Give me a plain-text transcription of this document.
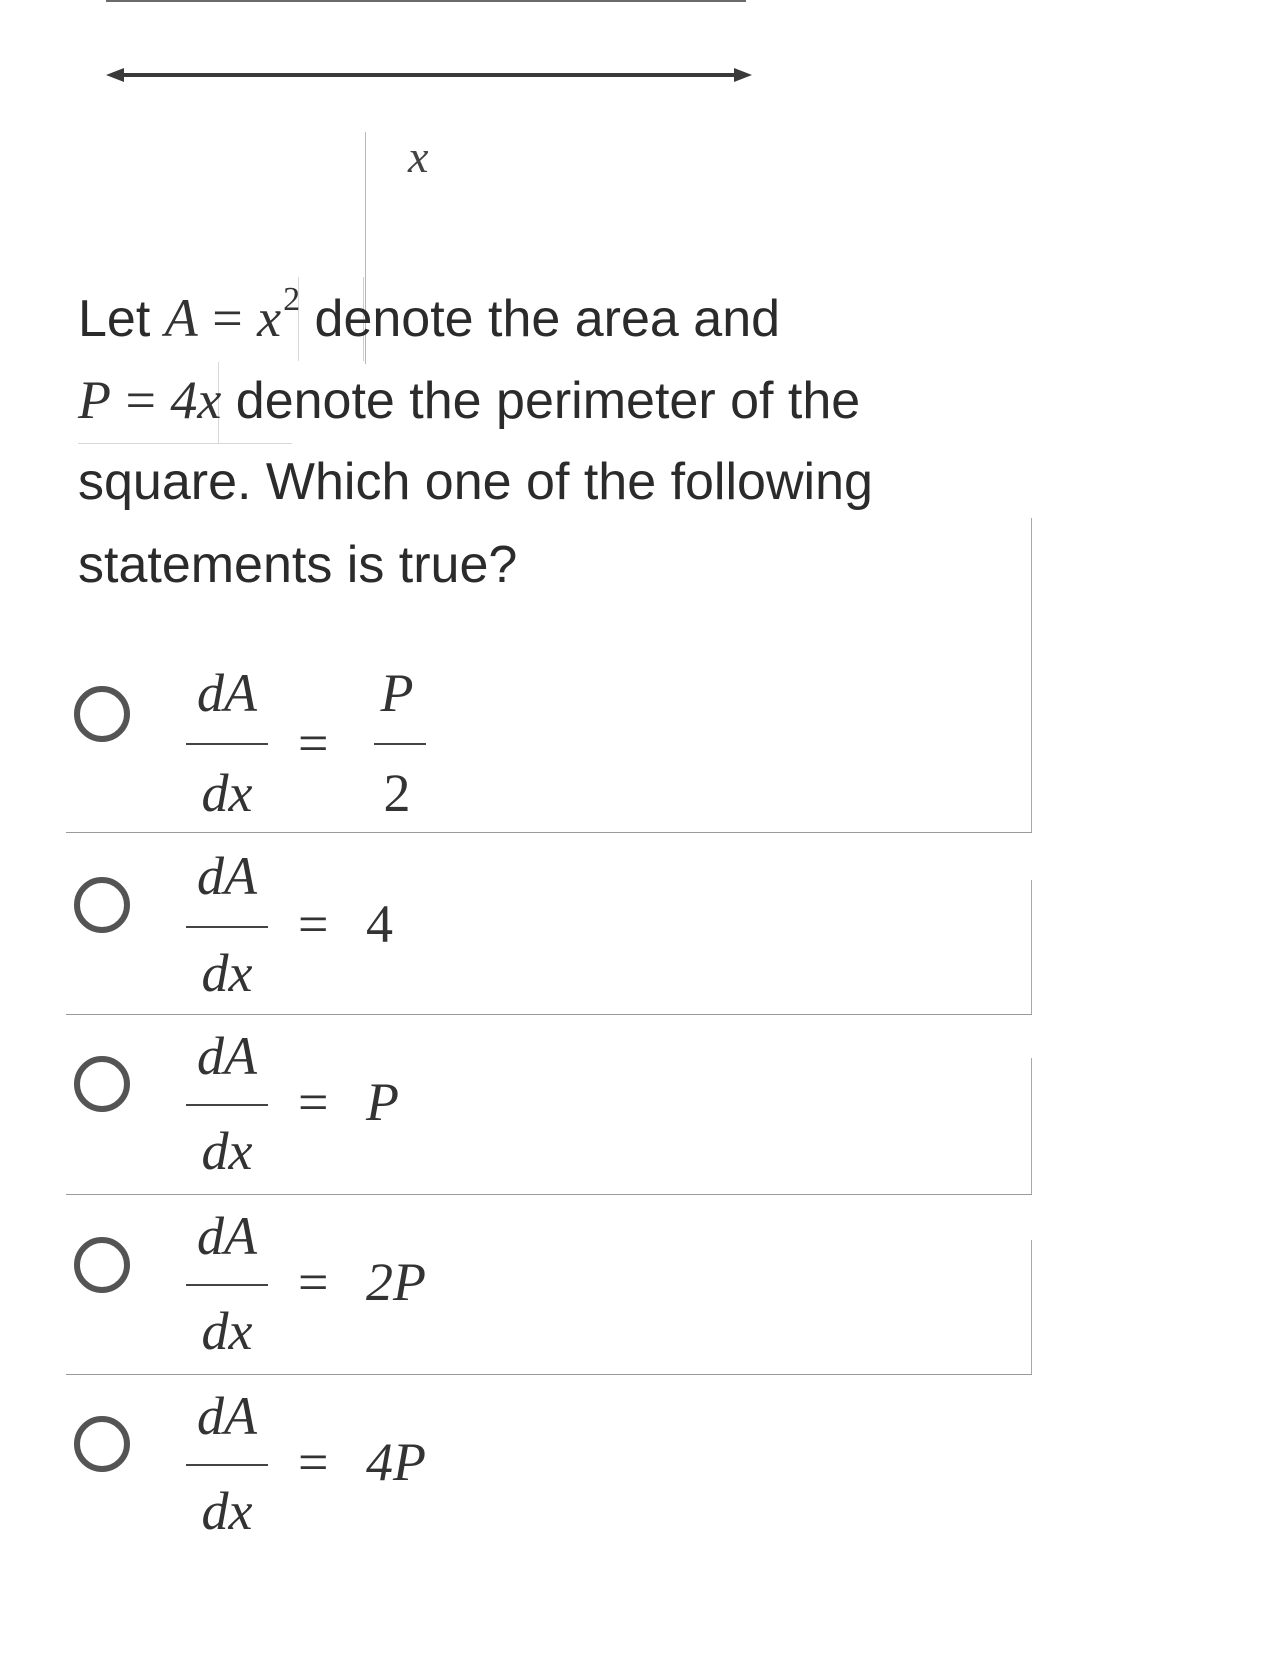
x
Let $A = x^2$ denote the area and
P = 4x denote the perimeter of the
square. Which one of the following
statements is true?
dA
dx
=
P
2
dA
dx
= 4
dA
dx
= P
dA
dx
= 2P
dA
dx
= 4P
